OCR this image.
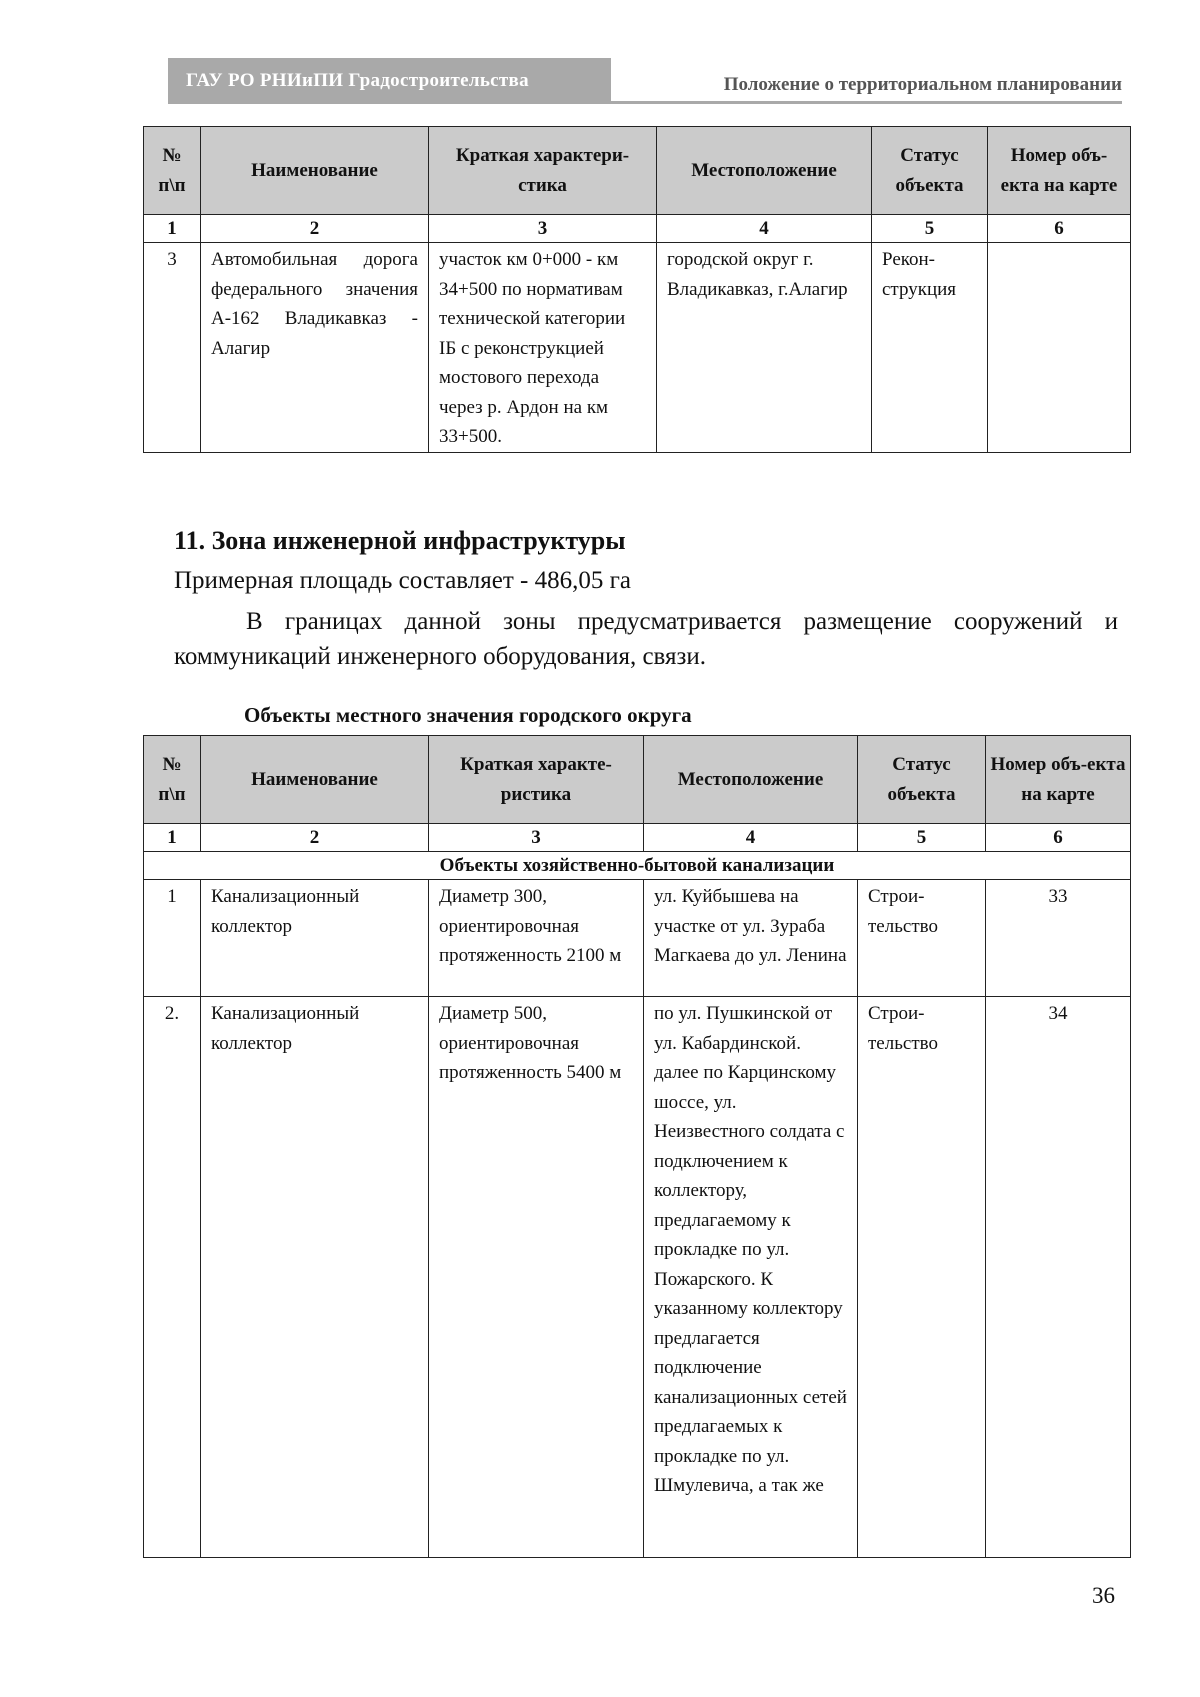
ГАУ РО РНИиПИ Градостроительства	Положение о территориальном планировании
№ п\п	Наименование	Краткая характери-стика	Местоположение	Статус объекта	Номер объ-екта на карте
1	2	3	4	5	6
3	Автомобильная дорога федерального значения А-162 Владикавказ - Алагир	участок км 0+000 - км 34+500 по нормативам технической категории IБ с реконструкцией мостового перехода через р. Ардон на км 33+500.	городской округ г. Владикавказ, г.Алагир	Рекон-струкция	
11. Зона инженерной инфраструктуры
Примерная площадь составляет - 486,05 га
В границах данной зоны предусматривается размещение сооружений и коммуникаций инженерного оборудования, связи.
Объекты местного значения городского округа
№ п\п	Наименование	Краткая характе-ристика	Местоположение	Статус объекта	Номер объ-екта на карте
1	2	3	4	5	6
Объекты хозяйственно-бытовой канализации					
1	Канализационный коллектор	Диаметр 300, ориентировочная протяженность 2100 м	ул. Куйбышева на участке от ул. Зураба Магкаева до ул. Ленина	Строи-тельство	33
2.	Канализационный коллектор	Диаметр 500, ориентировочная протяженность 5400 м	по ул. Пушкинской от ул. Кабардинской. далее по Карцинскому шоссе, ул. Неизвестного солдата с подключением к коллектору, предлагаемому к прокладке по ул. Пожарского. К указанному коллектору предлагается подключение канализационных сетей предлагаемых к прокладке по ул. Шмулевича, а так же	Строи-тельство	34
36
